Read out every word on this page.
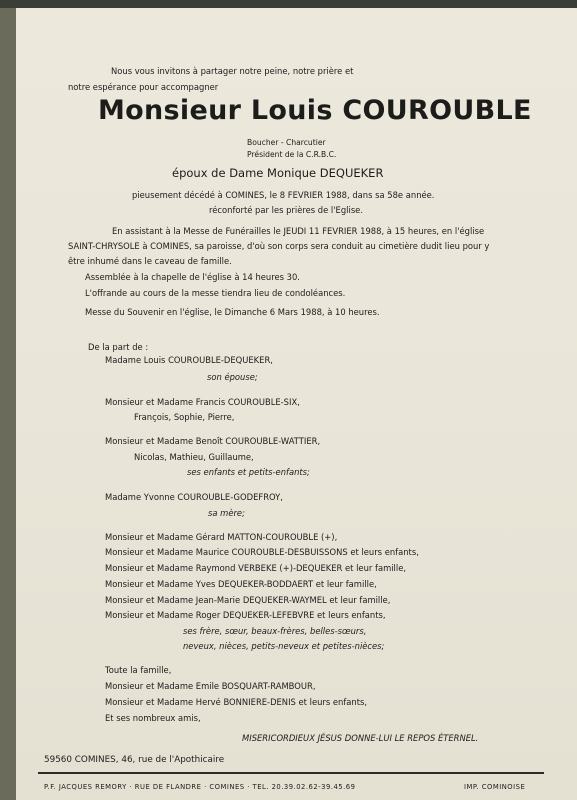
Nous vous invitons à partager notre peine, notre prière et
notre espérance pour accompagner
Monsieur Louis COUROUBLE
Boucher - Charcutier
Président de la C.R.B.C.
époux de Dame Monique DEQUEKER
pieusement décédé à COMINES, le 8 FEVRIER 1988, dans sa 58e année.
réconforté par les prières de l'Eglise.
En assistant à la Messe de Funérailles le JEUDI 11 FEVRIER 1988, à 15 heures, en l'église
SAINT-CHRYSOLE à COMINES, sa paroisse, d'où son corps sera conduit au cimetière dudit lieu pour y
être inhumé dans le caveau de famille.
Assemblée à la chapelle de l'église à 14 heures 30.
L'offrande au cours de la messe tiendra lieu de condoléances.
Messe du Souvenir en l'église, le Dimanche 6 Mars 1988, à 10 heures.
De la part de :
Madame Louis COUROUBLE-DEQUEKER,
son épouse;
Monsieur et Madame Francis COUROUBLE-SIX,
François, Sophie, Pierre,
Monsieur et Madame Benoît COUROUBLE-WATTIER,
Nicolas, Mathieu, Guillaume,
ses enfants et petits-enfants;
Madame Yvonne COUROUBLE-GODEFROY,
sa mère;
Monsieur et Madame Gérard MATTON-COUROUBLE (+),
Monsieur et Madame Maurice COUROUBLE-DESBUISSONS et leurs enfants,
Monsieur et Madame Raymond VERBEKE (+)-DEQUEKER et leur famille,
Monsieur et Madame Yves DEQUEKER-BODDAERT et leur famille,
Monsieur et Madame Jean-Marie DEQUEKER-WAYMEL et leur famille,
Monsieur et Madame Roger DEQUEKER-LEFEBVRE et leurs enfants,
ses frère, sœur, beaux-frères, belles-sœurs,
neveux, nièces, petits-neveux et petites-nièces;
Toute la famille,
Monsieur et Madame Emile BOSQUART-RAMBOUR,
Monsieur et Madame Hervé BONNIERE-DENIS et leurs enfants,
Et ses nombreux amis,
MISERICORDIEUX JÉSUS DONNE-LUI LE REPOS ÉTERNEL.
59560 COMINES, 46, rue de l'Apothicaire
P.F. JACQUES REMORY · RUE DE FLANDRE · COMINES · TEL. 20.39.02.62-39.45.69	IMP. COMINOISE
